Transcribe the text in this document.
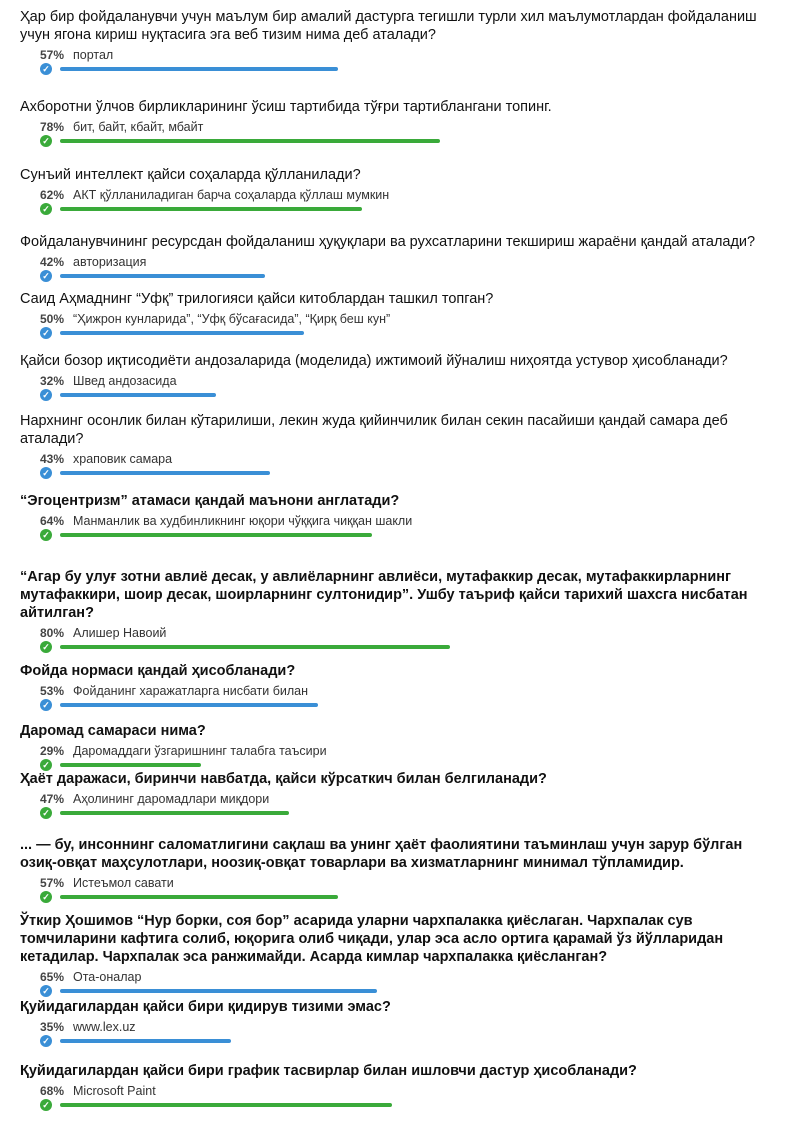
Ҳар бир фойдаланувчи учун маълум бир амалий дастурга тегишли турли хил маълумотлардан фойдаланиш учун ягона кириш нуқтасига эга веб тизим нима деб аталади?
57% портал
✓
Ахборотни ўлчов бирликларининг ўсиш тартибида тўғри тартиблангани топинг.
78% бит, байт, кбайт, мбайт
✓
Сунъий интеллект қайси соҳаларда қўлланилади?
62% АКТ қўлланиладиган барча соҳаларда қўллаш мумкин
✓
Фойдаланувчининг ресурсдан фойдаланиш ҳуқуқлари ва рухсатларини текшириш жараёни қандай аталади?
42% авторизация
✓
Саид Аҳмаднинг “Уфқ” трилогияси қайси китоблардан ташкил топган?
50% “Ҳижрон кунларида”, “Уфқ бўсағасида”, “Қирқ беш кун”
✓
Қайси бозор иқтисодиёти андозаларида (моделида) ижтимоий йўналиш ниҳоятда устувор ҳисобланади?
32% Швед андозасида
✓
Нархнинг осонлик билан кўтарилиши, лекин жуда қийинчилик билан секин пасайиши қандай самара деб аталади?
43% храповик самара
✓
“Эгоцентризм” атамаси қандай маънони англатади?
64% Манманлик ва худбинликнинг юқори чўққига чиққан шакли
✓
“Агар бу улуғ зотни авлиё десак, у авлиёларнинг авлиёси, мутафаккир десак, мутафаккирларнинг мутафаккири, шоир десак, шоирларнинг султонидир”. Ушбу таъриф қайси тарихий шахсга нисбатан айтилган?
80% Алишер Навоий
✓
Фойда нормаси қандай ҳисобланади?
53% Фойданинг харажатларга нисбати билан
✓
Даромад самараси нима?
29% Даромаддаги ўзгаришнинг талабга таъсири
✓
Ҳаёт даражаси, биринчи навбатда, қайси кўрсаткич билан белгиланади?
47% Аҳолининг даромадлари миқдори
✓
... — бу, инсоннинг саломатлигини сақлаш ва унинг ҳаёт фаолиятини таъминлаш учун зарур бўлган озиқ-овқат маҳсулотлари, ноозиқ-овқат товарлари ва хизматларнинг минимал тўпламидир.
57% Истеъмол савати
✓
Ўткир Ҳошимов “Нур борки, соя бор” асарида уларни чархпалакка қиёслаган. Чархпалак сув томчиларини кафтига солиб, юқорига олиб чиқади, улар эса асло ортига қарамай ўз йўлларидан кетадилар. Чархпалак эса ранжимайди. Асарда кимлар чархпалакка қиёсланган?
65% Ота-оналар
✓
Қуйидагилардан қайси бири қидирув тизими эмас?
35% www.lex.uz
✓
Қуйидагилардан қайси бири график тасвирлар билан ишловчи дастур ҳисобланади?
68% Microsoft Paint
✓
